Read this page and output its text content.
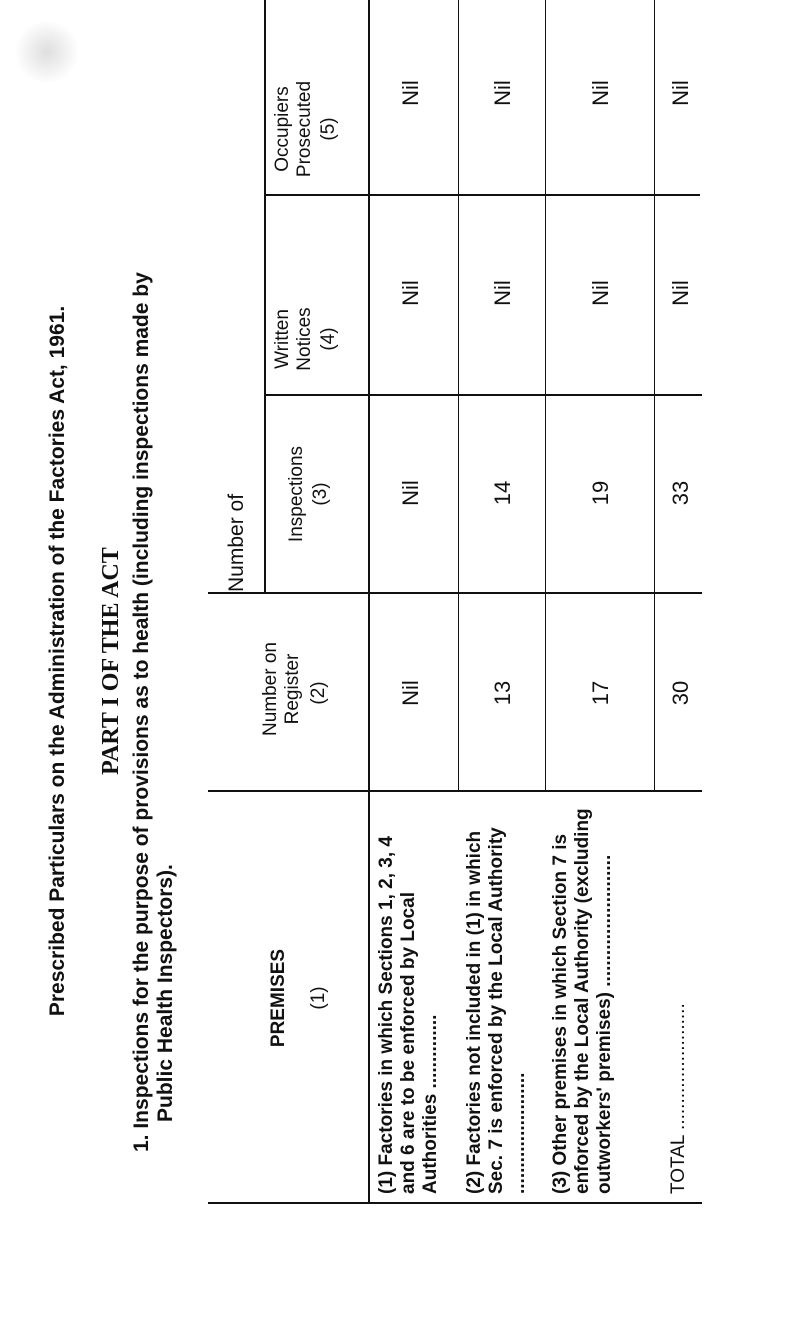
Prescribed Particulars on the Administration of the Factories Act, 1961. PART I OF THE ACT 1. Inspections for the purpose of provisions as to health (including inspections made by Public Health Inspectors).	PREMISES (1)
Number on Register (2)
Number of Inspections (3)
Written Notices (4)
Occupiers Prosecuted (5)
(1) Factories in which Sections 1, 2, 3, 4 and 6 are to be enforced by Local Authorities ..............
Nil
Nil
Nil
Nil
(2) Factories not included in (1) in which Sec. 7 is enforced by the Local Authority .......................
13
14
Nil
Nil
(3) Other premises in which Section 7 is enforced by the Local Authority (excluding outworkers' premises) .........................
17
19
Nil
Nil
TOTAL ........................
30
33
Nil
Nil
